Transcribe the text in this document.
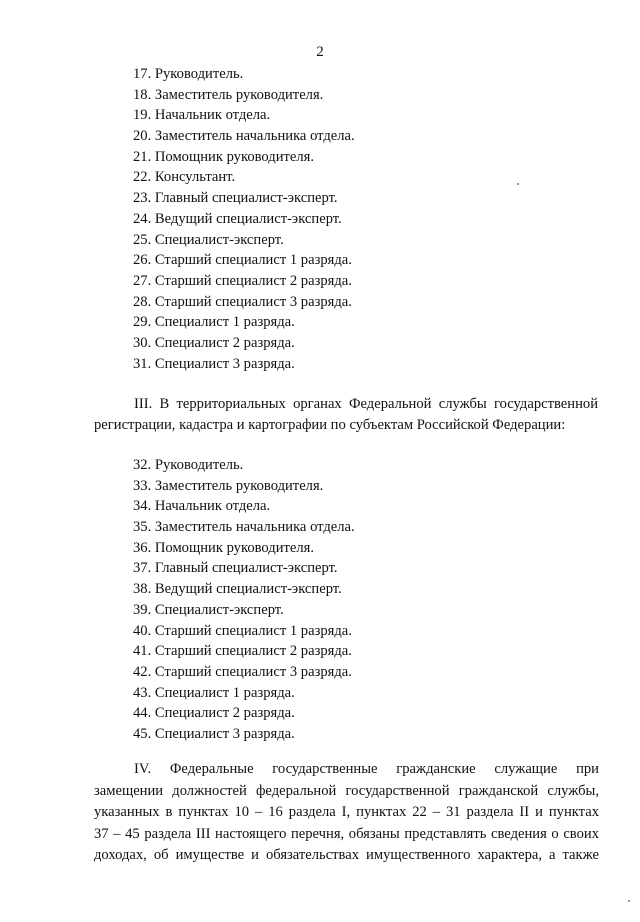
2
17. Руководитель.
18. Заместитель руководителя.
19. Начальник отдела.
20. Заместитель начальника отдела.
21. Помощник руководителя.
22. Консультант.
23. Главный специалист-эксперт.
24. Ведущий специалист-эксперт.
25. Специалист-эксперт.
26. Старший специалист 1 разряда.
27. Старший специалист 2 разряда.
28. Старший специалист 3 разряда.
29. Специалист 1 разряда.
30. Специалист 2 разряда.
31. Специалист 3 разряда.

III. В территориальных органах Федеральной службы государственной регистрации, кадастра и картографии по субъектам Российской Федерации:

32. Руководитель.
33. Заместитель руководителя.
34. Начальник отдела.
35. Заместитель начальника отдела.
36. Помощник руководителя.
37. Главный специалист-эксперт.
38. Ведущий специалист-эксперт.
39. Специалист-эксперт.
40. Старший специалист 1 разряда.
41. Старший специалист 2 разряда.
42. Старший специалист 3 разряда.
43. Специалист 1 разряда.
44. Специалист 2 разряда.
45. Специалист 3 разряда.
IV. Федеральные государственные гражданские служащие при
замещении должностей федеральной государственной гражданской службы,
указанных в пунктах 10 – 16 раздела I, пунктах 22 – 31 раздела II и пунктах
37 – 45 раздела III настоящего перечня, обязаны представлять сведения о своих
доходах, об имуществе и обязательствах имущественного характера, а также
